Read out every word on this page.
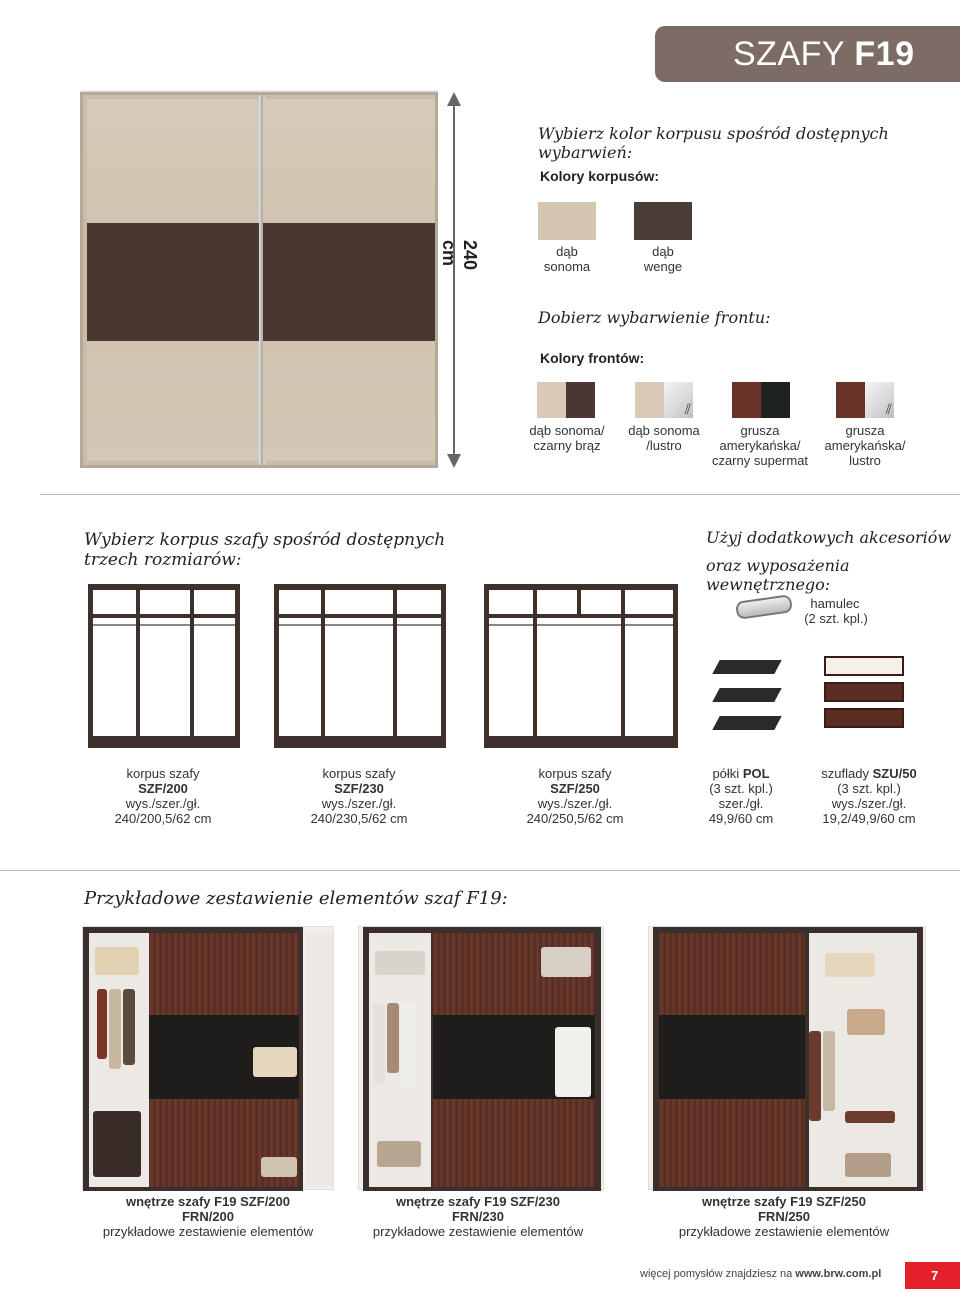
SZAFY F19
240 cm
Wybierz kolor korpusu spośród dostępnych wybarwień:
Kolory korpusów:
dąb
sonoma
dąb
wenge
Dobierz wybarwienie frontu:
Kolory frontów:
dąb sonoma/
czarny brąz
⫽
dąb sonoma
/lustro
grusza
amerykańska/
czarny supermat
⫽
grusza
amerykańska/
lustro
Wybierz korpus szafy spośród dostępnych trzech rozmiarów:
Użyj dodatkowych akcesoriów
oraz wyposażenia wewnętrznego:
korpus szafy
SZF/200
wys./szer./gł.
240/200,5/62 cm
korpus szafy
SZF/230
wys./szer./gł.
240/230,5/62 cm
korpus szafy
SZF/250
wys./szer./gł.
240/250,5/62 cm
hamulec
(2 szt. kpl.)
półki POL
(3 szt. kpl.)
szer./gł.
49,9/60 cm
szuflady SZU/50
(3 szt. kpl.)
wys./szer./gł.
19,2/49,9/60 cm
Przykładowe zestawienie elementów szaf F19:
wnętrze szafy F19 SZF/200
FRN/200
przykładowe zestawienie elementów
wnętrze szafy F19 SZF/230
FRN/230
przykładowe zestawienie elementów
wnętrze szafy F19 SZF/250
FRN/250
przykładowe zestawienie elementów
więcej pomysłów znajdziesz na www.brw.com.pl	7
